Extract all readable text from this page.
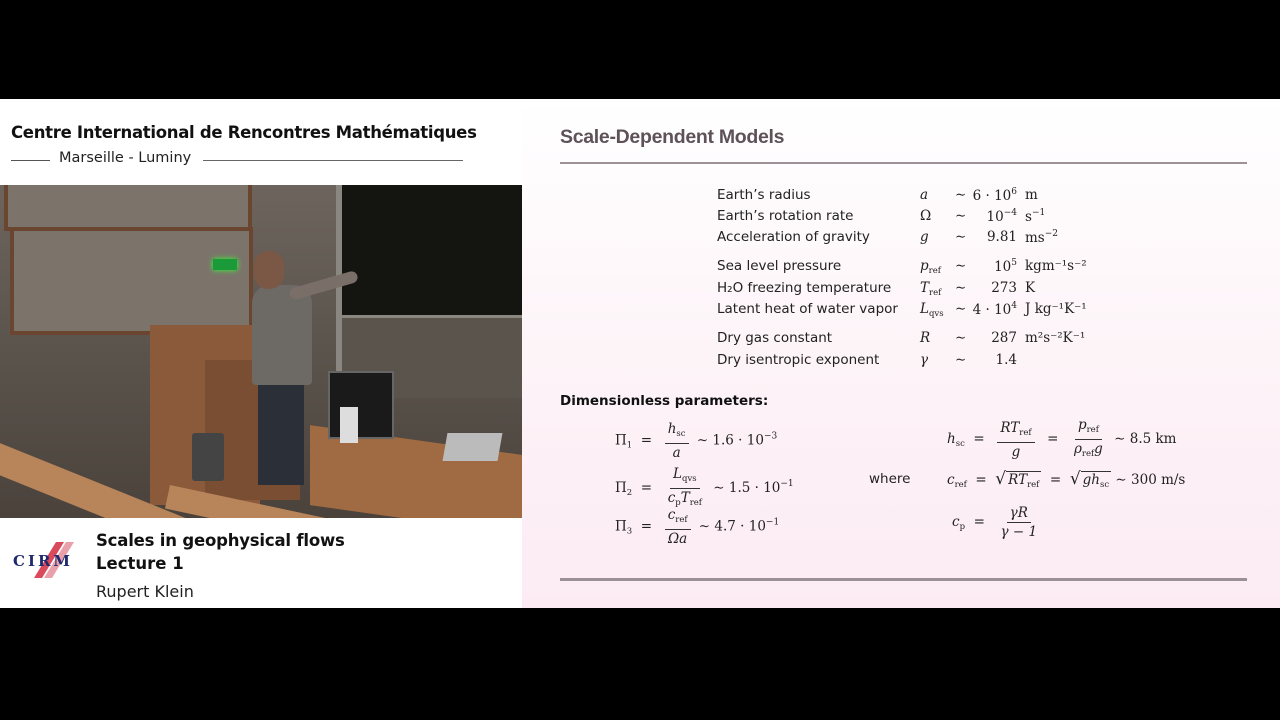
Centre International de Rencontres Mathématiques
Marseille - Luminy
CIRM
Scales in geophysical flows
Lecture 1
Rupert Klein
Scale-Dependent Models
Earth’s radius	a ∼ $6 \cdot 10^6$ m
Earth’s rotation rate	Ω ∼	$10^{-4}$ $s^{-1}$
Acceleration of gravity	g ∼	9.81 $ms^{-2}$
Sea level pressure	$p_{ref}$ ∼	$10^5$ kgm⁻¹s⁻²
H₂O freezing temperature	$T_{ref}$ ∼	273 K
Latent heat of water vapor	$L_{qvs}$ ∼ $4 \cdot 10^4$ J kg⁻¹K⁻¹
Dry gas constant	R ∼	287 m²s⁻²K⁻¹
Dry isentropic exponent	γ ∼	1.4
Dimensionless parameters:
$\Pi_1 = \frac{h_{sc}}{a}$ ∼ $1.6 \cdot 10^{-3}$
$\Pi_2 = \frac{L_{qvs}}{c_pT_{ref}}$ ∼ $1.5 \cdot 10^{-1}$
$\Pi_3 = \frac{c_{ref}}{\Omega a}$ ∼ $4.7 \cdot 10^{-1}$
where
$h_{sc} = \frac{RT_{ref}}{g} = \frac{p_{ref}}{\rho_{ref}g}$ ∼ 8.5 km
$c_{ref}$  =  √ $RT_{ref}$  =  √ $gh_{sc}$ ∼ 300 m/s
$c_p = \frac{\gamma R}{\gamma - 1}$
